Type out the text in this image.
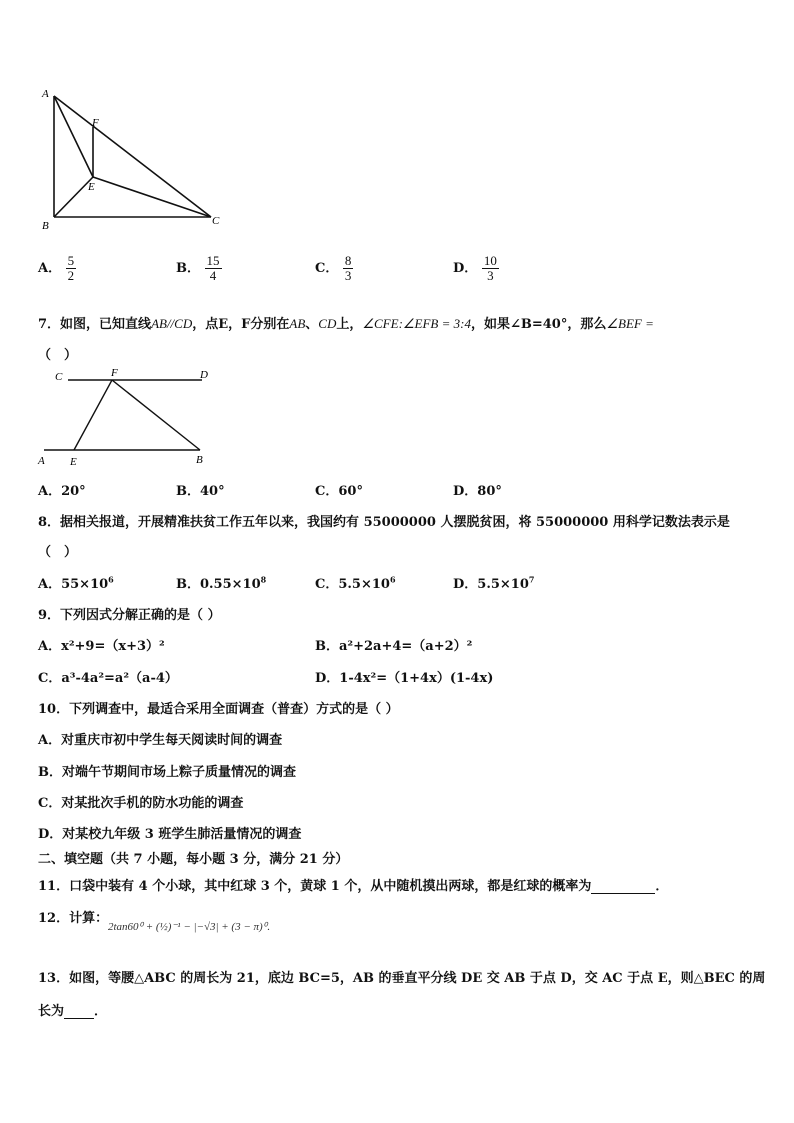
A
F
E
B	C
A． $\frac{5}{2}$	B． $\frac{15}{4}$	C． $\frac{8}{3}$	D． $\frac{10}{3}$
7．如图，已知直线AB//CD，点E，F分别在AB、CD上，∠CFE:∠EFB = 3:4，如果∠B=40°，那么∠BEF =
（　）
C	F	D
A E	B
A．20°	B．40°	C．60°	D．80°
8．据相关报道，开展精准扶贫工作五年以来，我国约有 55000000 人摆脱贫困，将 55000000 用科学记数法表示是
（　）
A．$55\times 10^6$	B．$0.55\times 10^8$	C．$5.5\times 10^6$	D．$5.5\times 10^7$
9．下列因式分解正确的是（ ）
A．x²+9=（x+3）²	B．a²+2a+4=（a+2）²
C．a³-4a²=a²（a-4）	D．1-4x²=（1+4x）(1-4x)
10．下列调查中，最适合采用全面调查（普查）方式的是（ ）
A．对重庆市初中学生每天阅读时间的调查
B．对端午节期间市场上粽子质量情况的调查
C．对某批次手机的防水功能的调查
D．对某校九年级 3 班学生肺活量情况的调查
二、填空题（共 7 小题，每小题 3 分，满分 21 分）
11．口袋中装有 4 个小球，其中红球 3 个，黄球 1 个，从中随机摸出两球，都是红球的概率为	．
12．计算：
2tan60⁰ + (½)⁻¹ − |−√3| + (3 − π)⁰.
13．如图，等腰△ABC 的周长为 21，底边 BC=5，AB 的垂直平分线 DE 交 AB 于点 D，交 AC 于点 E，则△BEC 的周
长为 ．
